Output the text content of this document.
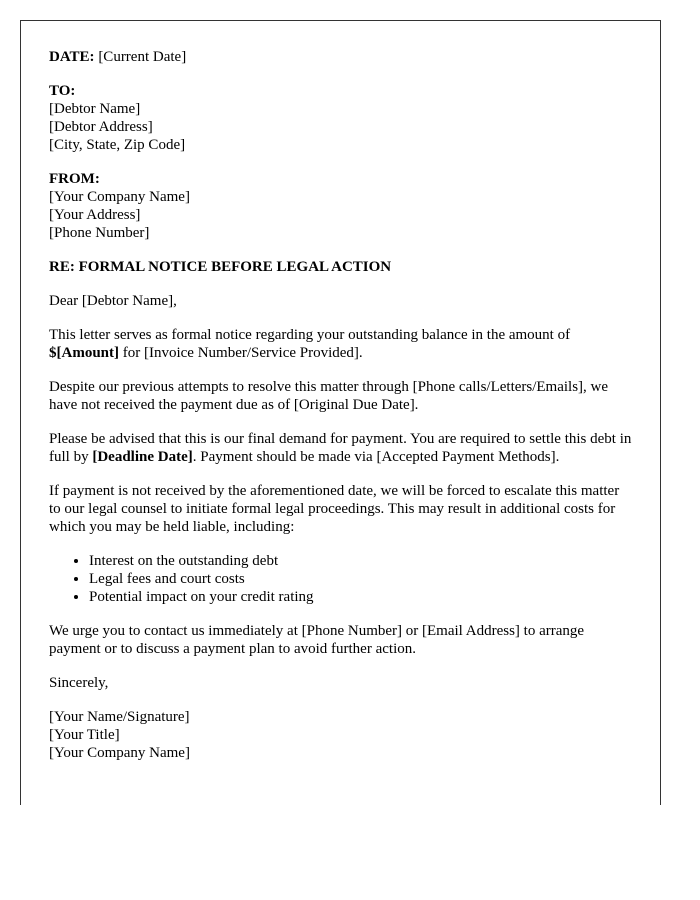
DATE: [Current Date]
TO:
[Debtor Name]
[Debtor Address]
[City, State, Zip Code]
FROM:
[Your Company Name]
[Your Address]
[Phone Number]
RE: FORMAL NOTICE BEFORE LEGAL ACTION
Dear [Debtor Name],
This letter serves as formal notice regarding your outstanding balance in the amount of $[Amount] for [Invoice Number/Service Provided].
Despite our previous attempts to resolve this matter through [Phone calls/Letters/Emails], we have not received the payment due as of [Original Due Date].
Please be advised that this is our final demand for payment. You are required to settle this debt in full by [Deadline Date]. Payment should be made via [Accepted Payment Methods].
If payment is not received by the aforementioned date, we will be forced to escalate this matter to our legal counsel to initiate formal legal proceedings. This may result in additional costs for which you may be held liable, including:
• Interest on the outstanding debt
• Legal fees and court costs
• Potential impact on your credit rating
We urge you to contact us immediately at [Phone Number] or [Email Address] to arrange payment or to discuss a payment plan to avoid further action.
Sincerely,
[Your Name/Signature]
[Your Title]
[Your Company Name]
